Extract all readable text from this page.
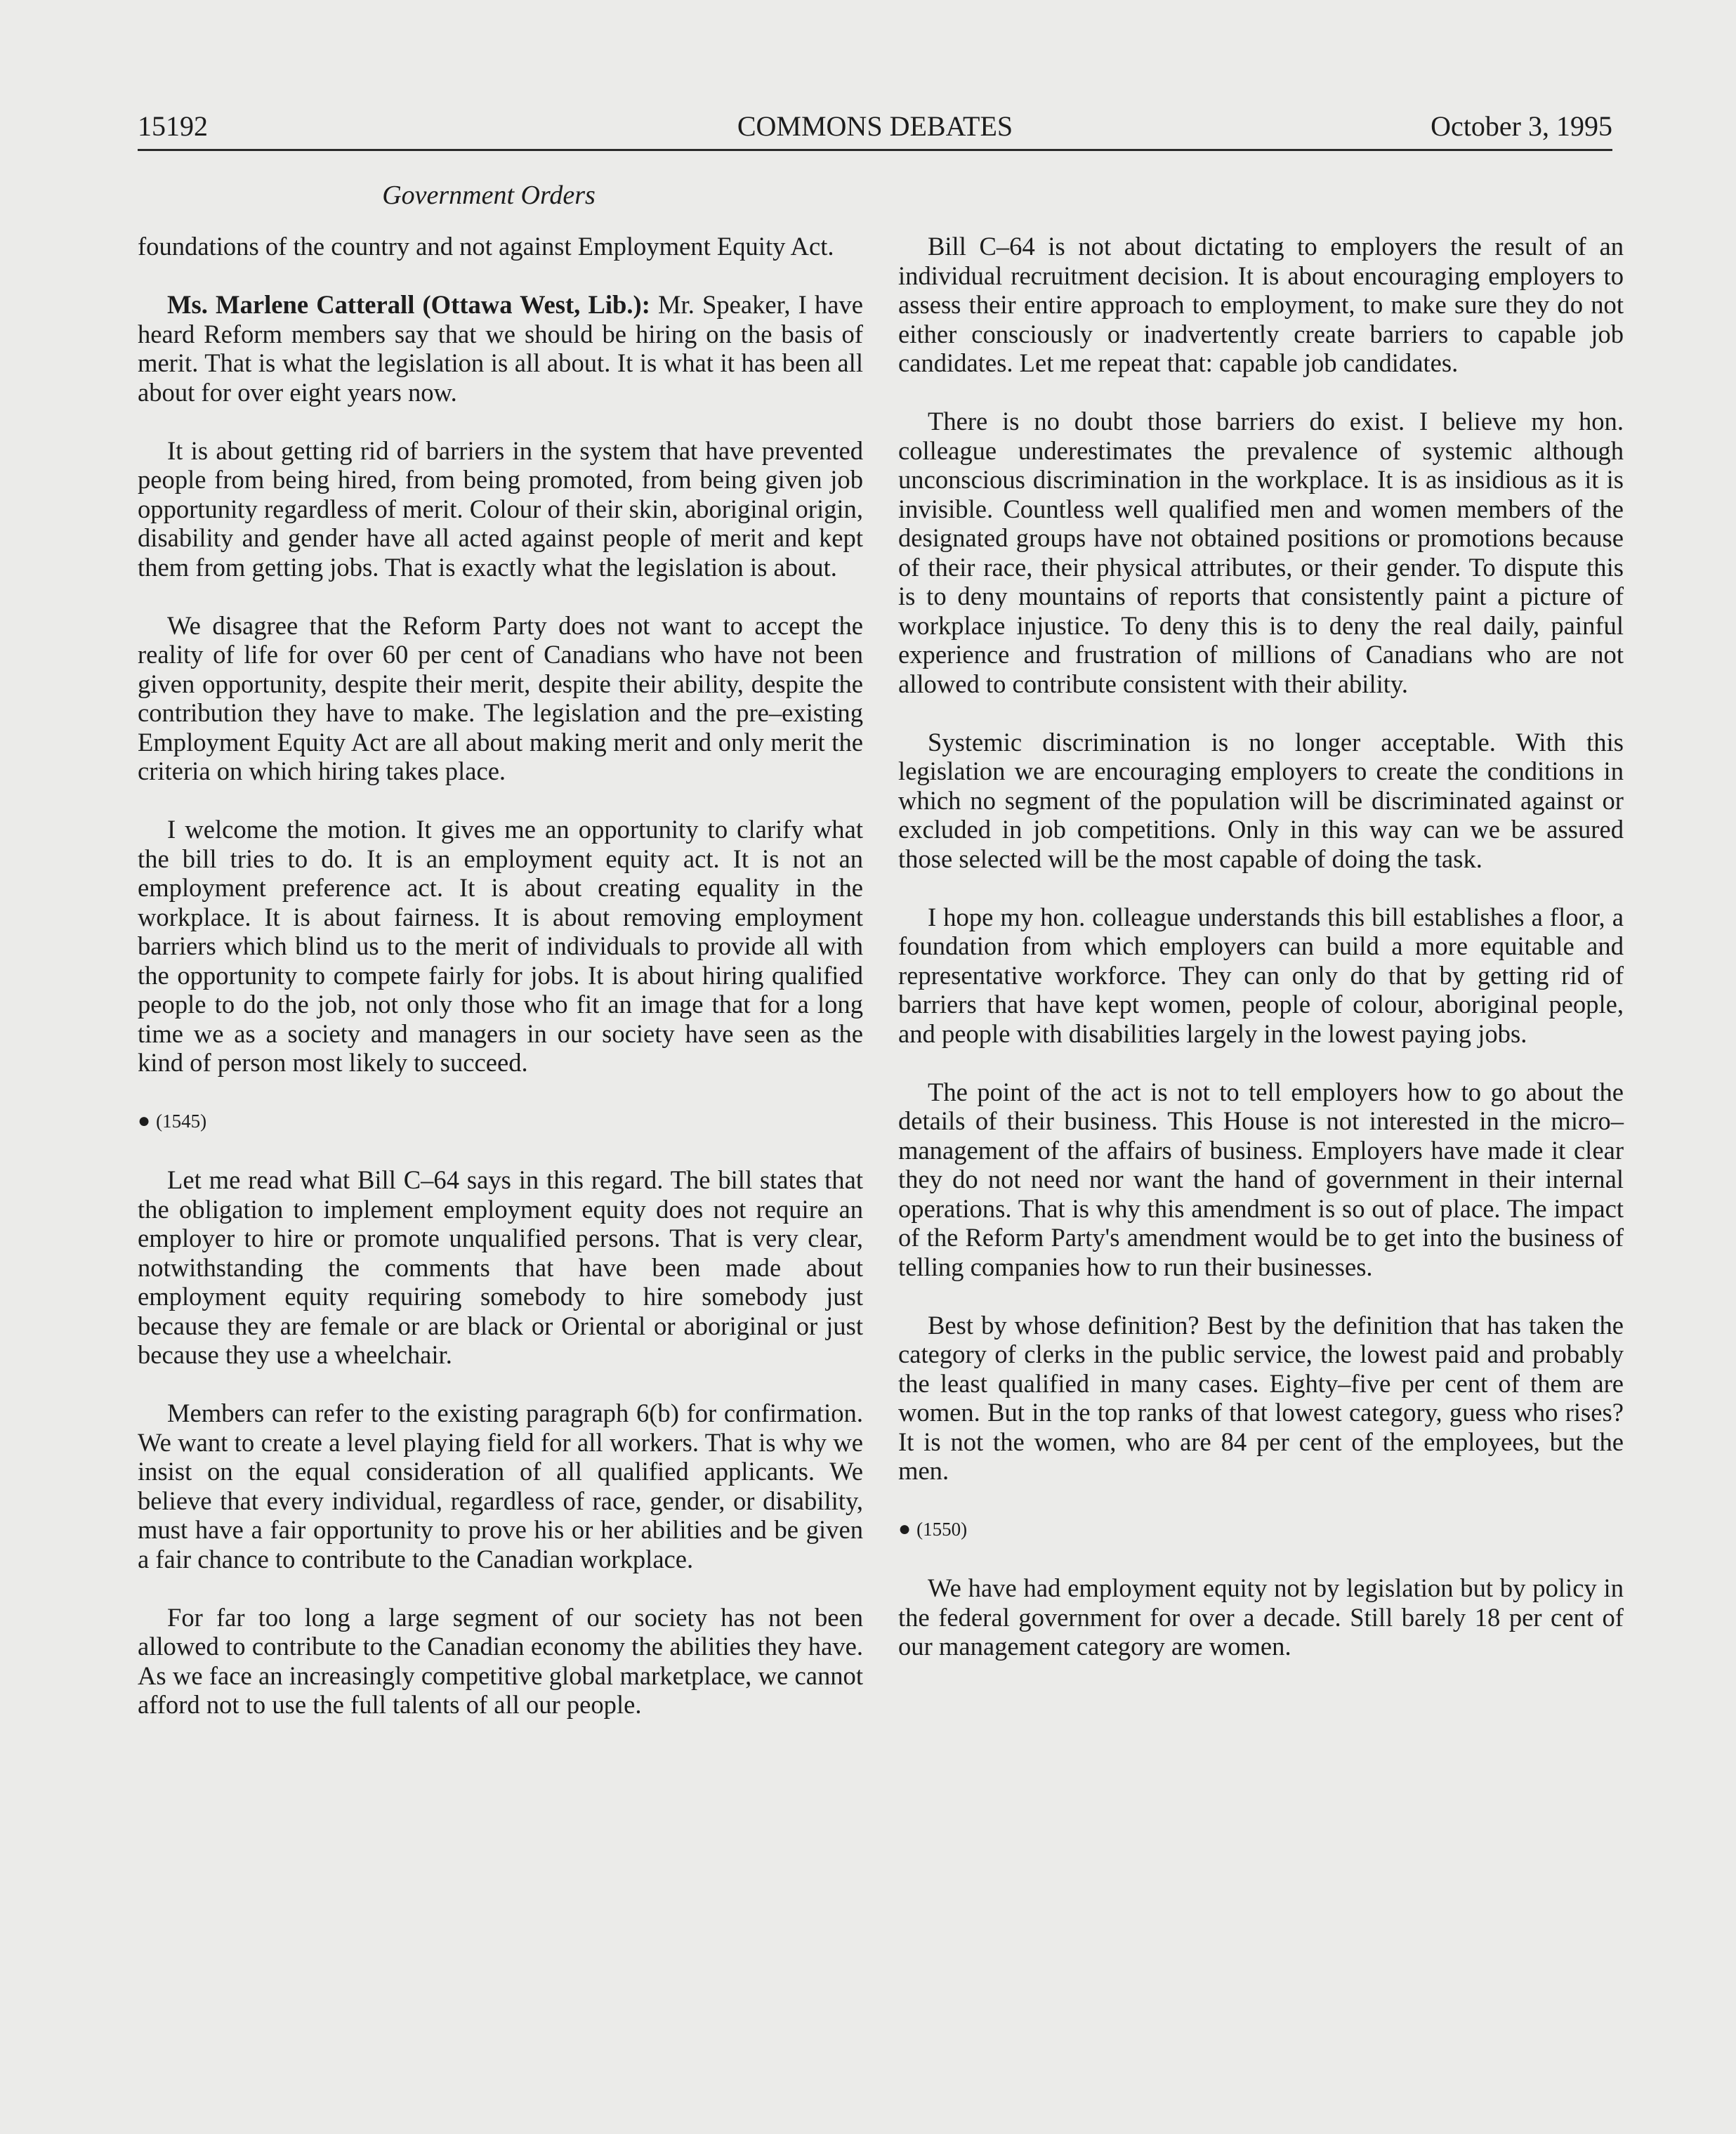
15192	COMMONS DEBATES	October 3, 1995
Government Orders

foundations of the country and not against Employment Equity Act.

Ms. Marlene Catterall (Ottawa West, Lib.): Mr. Speaker, I have heard Reform members say that we should be hiring on the basis of merit. That is what the legislation is all about. It is what it has been all about for over eight years now.

It is about getting rid of barriers in the system that have prevented people from being hired, from being promoted, from being given job opportunity regardless of merit. Colour of their skin, aboriginal origin, disability and gender have all acted against people of merit and kept them from getting jobs. That is exactly what the legislation is about.

We disagree that the Reform Party does not want to accept the reality of life for over 60 per cent of Canadians who have not been given opportunity, despite their merit, despite their ability, despite the contribution they have to make. The legislation and the pre–existing Employment Equity Act are all about making merit and only merit the criteria on which hiring takes place.

I welcome the motion. It gives me an opportunity to clarify what the bill tries to do. It is an employment equity act. It is not an employment preference act. It is about creating equality in the workplace. It is about fairness. It is about removing employment barriers which blind us to the merit of individuals to provide all with the opportunity to compete fairly for jobs. It is about hiring qualified people to do the job, not only those who fit an image that for a long time we as a society and managers in our society have seen as the kind of person most likely to succeed.

● (1545)

Let me read what Bill C–64 says in this regard. The bill states that the obligation to implement employment equity does not require an employer to hire or promote unqualified persons. That is very clear, notwithstanding the comments that have been made about employment equity requiring somebody to hire somebody just because they are female or are black or Oriental or aboriginal or just because they use a wheelchair.

Members can refer to the existing paragraph 6(b) for confirmation. We want to create a level playing field for all workers. That is why we insist on the equal consideration of all qualified applicants. We believe that every individual, regardless of race, gender, or disability, must have a fair opportunity to prove his or her abilities and be given a fair chance to contribute to the Canadian workplace.

For far too long a large segment of our society has not been allowed to contribute to the Canadian economy the abilities they have. As we face an increasingly competitive global marketplace, we cannot afford not to use the full talents of all our people.

Bill C–64 is not about dictating to employers the result of an individual recruitment decision. It is about encouraging employers to assess their entire approach to employment, to make sure they do not either consciously or inadvertently create barriers to capable job candidates. Let me repeat that: capable job candidates.

There is no doubt those barriers do exist. I believe my hon. colleague underestimates the prevalence of systemic although unconscious discrimination in the workplace. It is as insidious as it is invisible. Countless well qualified men and women members of the designated groups have not obtained positions or promotions because of their race, their physical attributes, or their gender. To dispute this is to deny mountains of reports that consistently paint a picture of workplace injustice. To deny this is to deny the real daily, painful experience and frustration of millions of Canadians who are not allowed to contribute consistent with their ability.

Systemic discrimination is no longer acceptable. With this legislation we are encouraging employers to create the conditions in which no segment of the population will be discriminated against or excluded in job competitions. Only in this way can we be assured those selected will be the most capable of doing the task.

I hope my hon. colleague understands this bill establishes a floor, a foundation from which employers can build a more equitable and representative workforce. They can only do that by getting rid of barriers that have kept women, people of colour, aboriginal people, and people with disabilities largely in the lowest paying jobs.

The point of the act is not to tell employers how to go about the details of their business. This House is not interested in the micro–management of the affairs of business. Employers have made it clear they do not need nor want the hand of government in their internal operations. That is why this amendment is so out of place. The impact of the Reform Party's amendment would be to get into the business of telling companies how to run their businesses.

Best by whose definition? Best by the definition that has taken the category of clerks in the public service, the lowest paid and probably the least qualified in many cases. Eighty–five per cent of them are women. But in the top ranks of that lowest category, guess who rises? It is not the women, who are 84 per cent of the employees, but the men.

● (1550)

We have had employment equity not by legislation but by policy in the federal government for over a decade. Still barely 18 per cent of our management category are women.
